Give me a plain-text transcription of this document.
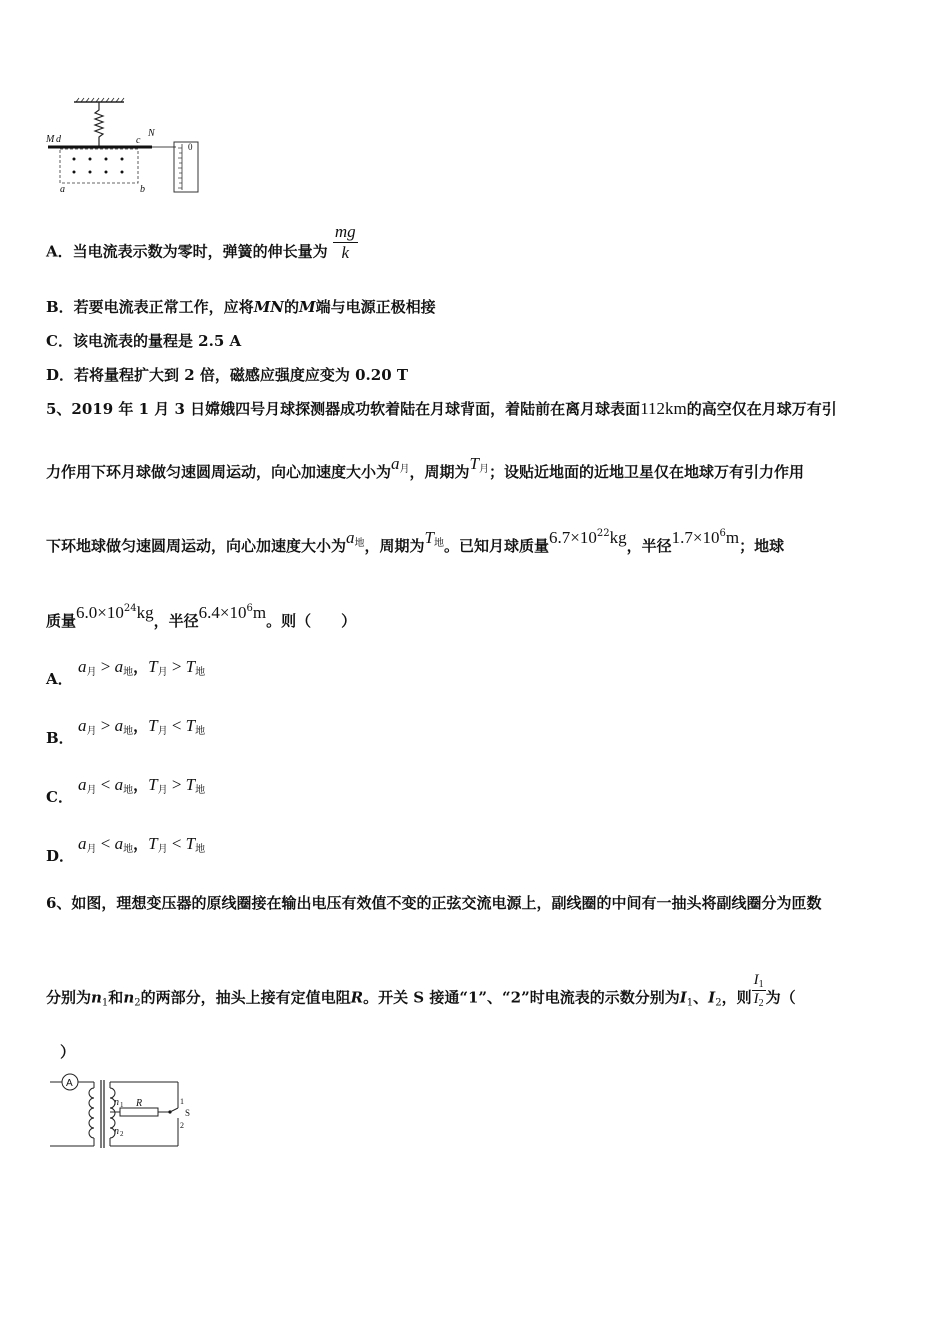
M d	c
N
a	b
0
A．当电流表示数为零时，弹簧的伸长量为 $\frac{mg}{k}$
B．若要电流表正常工作，应将MN的M端与电源正极相接
C．该电流表的量程是 2.5 A
D．若将量程扩大到 2 倍，磁感应强度应变为 0.20 T
5、2019 年 1 月 3 日嫦娥四号月球探测器成功软着陆在月球背面，着陆前在离月球表面112km的高空仅在月球万有引
力作用下环月球做匀速圆周运动，向心加速度大小为$a^月$，周期为$T^月$；设贴近地面的近地卫星仅在地球万有引力作用
下环地球做匀速圆周运动，向心加速度大小为$a^地$，周期为$T^地$。已知月球质量$6.7\times 10^{22}kg$，半径$1.7\times 10^6m$；地球
质量$6.0\times 10^{24}kg$，半径$6.4\times 10^6m$。则（　　）
A．
$a_月 > a_地$，$T_月 > T_地$
B．
$a_月 > a_地$，$T_月 < T_地$
C．
$a_月 < a_地$，$T_月 > T_地$
D．
$a_月 < a_地$，$T_月 < T_地$
6、如图，理想变压器的原线圈接在输出电压有效值不变的正弦交流电源上，副线圈的中间有一抽头将副线圈分为匝数
分别为$n_1$和$n_2$的两部分，抽头上接有定值电阻R。开关 S 接通“1”、“2”时电流表的示数分别为$I_1$、$I_2$，则 $\frac{I_1}{I_2}$ 为（
）
A
n 1 R
n 2
1
S
2
